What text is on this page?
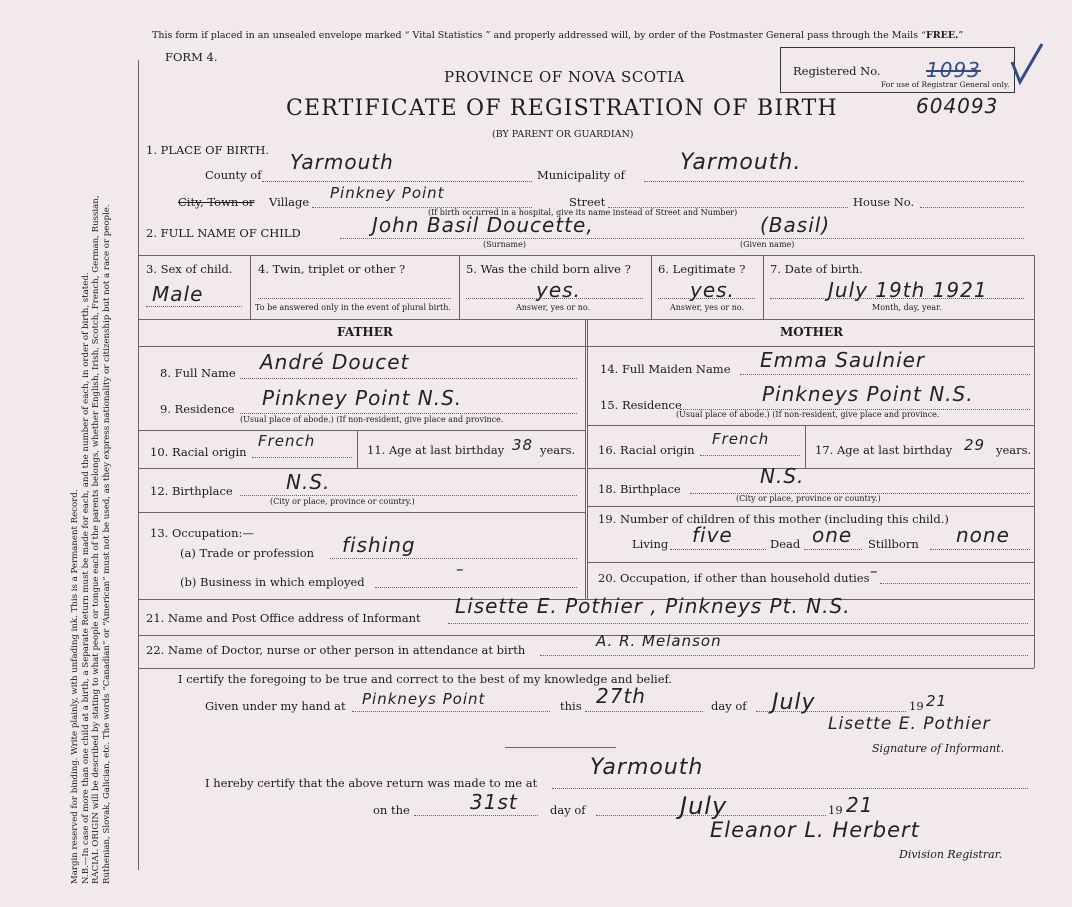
Margin reserved for binding. Write plainly, with unfading ink. This is a Permanent Record. N.B.—In case of more than one child at a birth, a Separate Return must be made for each, and the number of each, in order of birth, stated. RACIAL ORIGIN will be described by stating to what people or tongue each of the parents belongs, whether English, Irish, Scotch, French, German, Russian, Ruthenian, Slovak, Galician, etc. The words “Canadian” or “American” must not be used, as they express nationality or citizenship but not a race or people.
This form if placed in an unsealed envelope marked “ Vital Statistics ” and properly addressed will, by order of the Postmaster General pass through the Mails “FREE.”
FORM 4.
Registered No. 1093
For use of Registrar General only.
PROVINCE OF NOVA SCOTIA
CERTIFICATE OF REGISTRATION OF BIRTH	604093
(BY PARENT OR GUARDIAN)
1. PLACE OF BIRTH.
County of
Yarmouth
Municipality of	Yarmouth.
City, Town or Village Pinkney Point	Street	House No.
(If birth occurred in a hospital, give its name instead of Street and Number)
2. FULL NAME OF CHILD	John Basil Doucette,	(Basil)
(Surname)	(Given name)
3. Sex of child.
Male
4. Twin, triplet or other ?
To be answered only in the event of plural birth.
5. Was the child born alive ?
yes.
Answer, yes or no.
6. Legitimate ?
yes.
Answer, yes or no.
7. Date of birth.
July 19th 1921
Month, day, year.
FATHER	MOTHER
8. Full Name André Doucet
9. Residence Pinkney Point N.S.
(Usual place of abode.) (If non-resident, give place and province.
10. Racial origin
French	11. Age at last birthday 38 years.
12. Birthplace	N.S.
(City or place, province or country.)
13. Occupation:—
(a) Trade or profession fishing
(b) Business in which employed
–
14. Full Maiden Name Emma Saulnier
15. Residence	Pinkneys Point N.S.
(Usual place of abode.) (If non-resident, give place and province.
16. Racial origin
French
17. Age at last birthday 29 years.
18. Birthplace
N.S.
(City or place, province or country.)
19. Number of children of this mother (including this child.)
Living five	Dead one Stillborn none
20. Occupation, if other than household duties –
21. Name and Post Office address of Informant Lisette E. Pothier , Pinkneys Pt. N.S.
22. Name of Doctor, nurse or other person in attendance at birth	A. R. Melanson
I certify the foregoing to be true and correct to the best of my knowledge and belief.
Given under my hand at Pinkneys Point	this 27th	day of July	19 21
Lisette E. Pothier
Signature of Informant.
I hereby certify that the above return was made to me at
Yarmouth
on the	31st	day of	July	19 21
Eleanor L. Herbert
Division Registrar.
